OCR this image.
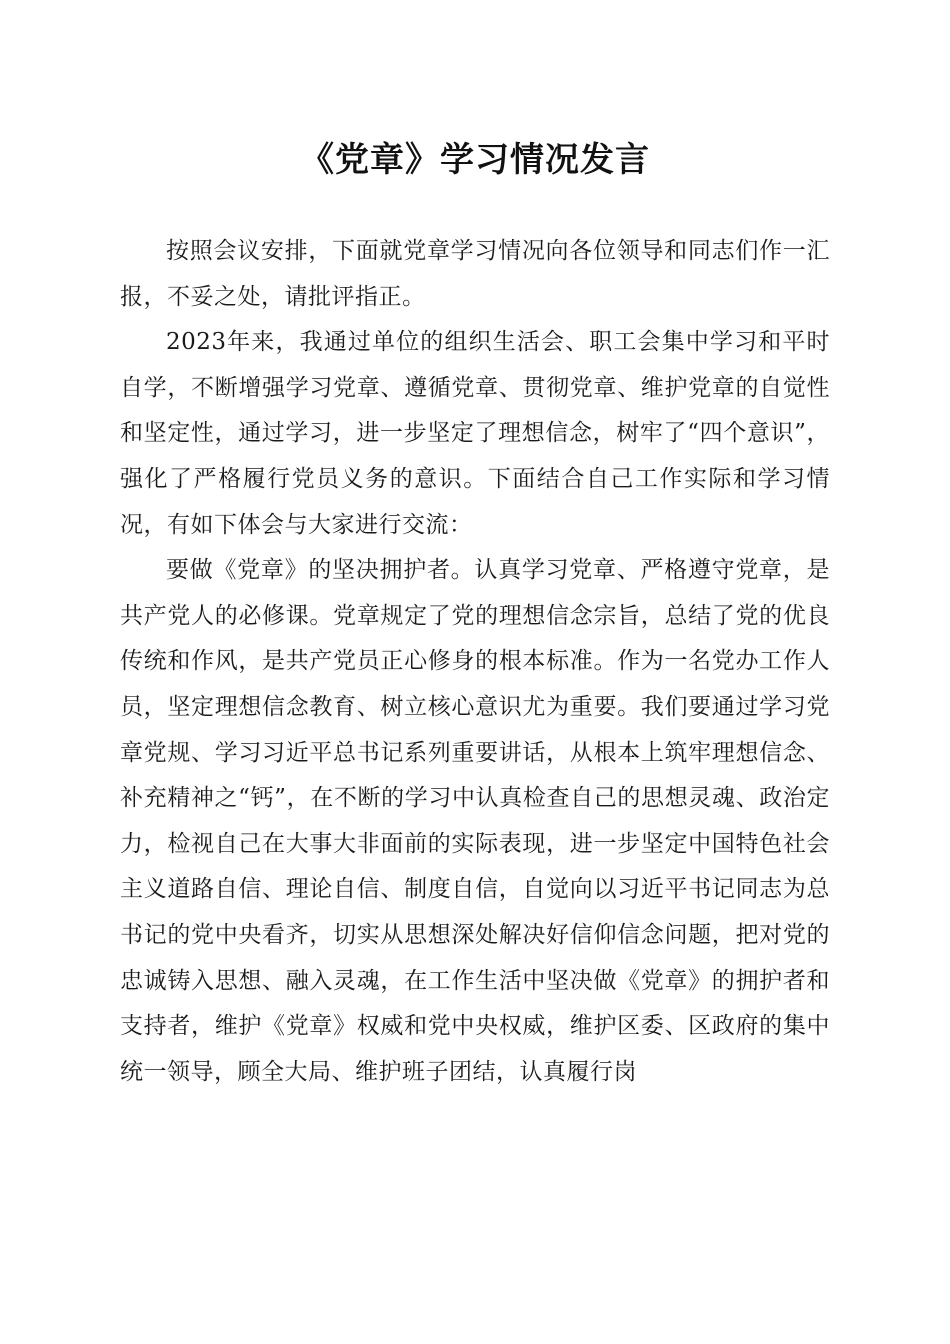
《党章》学习情况发言

按照会议安排，下面就党章学习情况向各位领导和同志们作一汇报，不妥之处，请批评指正。

2023年来，我通过单位的组织生活会、职工会集中学习和平时自学，不断增强学习党章、遵循党章、贯彻党章、维护党章的自觉性和坚定性，通过学习，进一步坚定了理想信念，树牢了“四个意识”，强化了严格履行党员义务的意识。下面结合自己工作实际和学习情况，有如下体会与大家进行交流：

要做《党章》的坚决拥护者。认真学习党章、严格遵守党章，是共产党人的必修课。党章规定了党的理想信念宗旨，总结了党的优良传统和作风，是共产党员正心修身的根本标准。作为一名党办工作人员，坚定理想信念教育、树立核心意识尤为重要。我们要通过学习党章党规、学习习近平总书记系列重要讲话，从根本上筑牢理想信念、补充精神之“钙”，在不断的学习中认真检查自己的思想灵魂、政治定力，检视自己在大事大非面前的实际表现，进一步坚定中国特色社会主义道路自信、理论自信、制度自信，自觉向以习近平书记同志为总书记的党中央看齐，切实从思想深处解决好信仰信念问题，把对党的忠诚铸入思想、融入灵魂，在工作生活中坚决做《党章》的拥护者和支持者，维护《党章》权威和党中央权威，维护区委、区政府的集中统一领导，顾全大局、维护班子团结，认真履行岗
